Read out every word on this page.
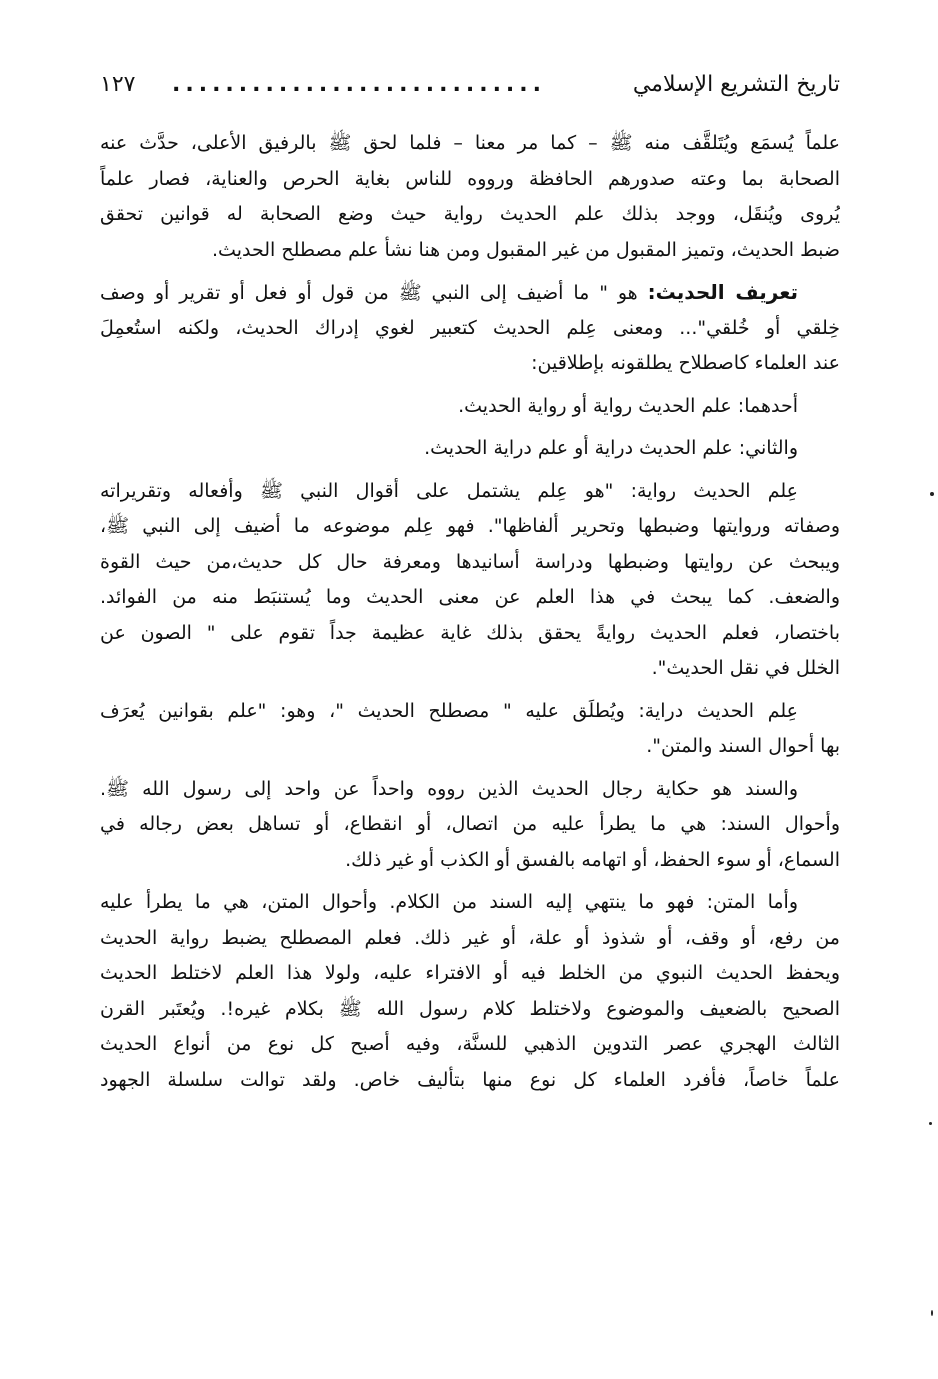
تاريخ التشريع الإسلامي
............................
١٢٧
علماً يُسمَع ويُتَلقَّف منه ﷺ – كما مر معنا – فلما لحق ﷺ بالرفيق الأعلى، حدَّث عنه
الصحابة بما وعته صدورهم الحافظة ورووه للناس بغاية الحرص والعناية، فصار علماً
يُروى ويُنقَل، ووجد بذلك علم الحديث رواية حيث وضع الصحابة له قوانين تحقق
ضبط الحديث، وتميز المقبول من غير المقبول ومن هنا نشأ علم مصطلح الحديث.
تعريف الحديث: هو " ما أضيف إلى النبي ﷺ من قول أو فعل أو تقرير أو وصف
خِلقي أو خُلقي"... ومعنى عِلم الحديث كتعبير لغوي إدراك الحديث، ولكنه استُعمِلَ
عند العلماء كاصطلاح يطلقونه بإطلاقين:
أحدهما: علم الحديث رواية أو رواية الحديث.
والثاني: علم الحديث دراية أو علم دراية الحديث.
عِلم الحديث رواية: "هو عِلم يشتمل على أقوال النبي ﷺ وأفعاله وتقريراته
وصفاته وروايتها وضبطها وتحرير ألفاظها". فهو عِلم موضوعه ما أضيف إلى النبي ﷺ،
ويبحث عن روايتها وضبطها ودراسة أسانيدها ومعرفة حال كل حديث،من حيث القوة
والضعف. كما يبحث في هذا العلم عن معنى الحديث وما يُستنبَط منه من الفوائد.
باختصار، فعلم الحديث روايةً يحقق بذلك غاية عظيمة جداً تقوم على " الصون عن
الخلل في نقل الحديث".
عِلم الحديث دراية: ويُطلَق عليه " مصطلح الحديث "، وهو: "علم بقوانين يُعرَف
بها أحوال السند والمتن".
والسند هو حكاية رجال الحديث الذين رووه واحداً عن واحد إلى رسول الله ﷺ.
وأحوال السند: هي ما يطرأ عليه من اتصال، أو انقطاع، أو تساهل بعض رجاله في
السماع، أو سوء الحفظ، أو اتهامه بالفسق أو الكذب أو غير ذلك.
وأما المتن: فهو ما ينتهي إليه السند من الكلام. وأحوال المتن، هي ما يطرأ عليه
من رفع، أو وقف، أو شذوذ أو علة، أو غير ذلك. فعلم المصطلح يضبط رواية الحديث
ويحفظ الحديث النبوي من الخلط فيه أو الافتراء عليه، ولولا هذا العلم لاختلط الحديث
الصحيح بالضعيف والموضوع ولاختلط كلام رسول الله ﷺ بكلام غيره!. ويُعتَبر القرن
الثالث الهجري عصر التدوين الذهبي للسنَّة، وفيه أصبح كل نوع من أنواع الحديث
علماً خاصاً، فأفرد العلماء كل نوع منها بتأليف خاص. ولقد توالت سلسلة الجهود
